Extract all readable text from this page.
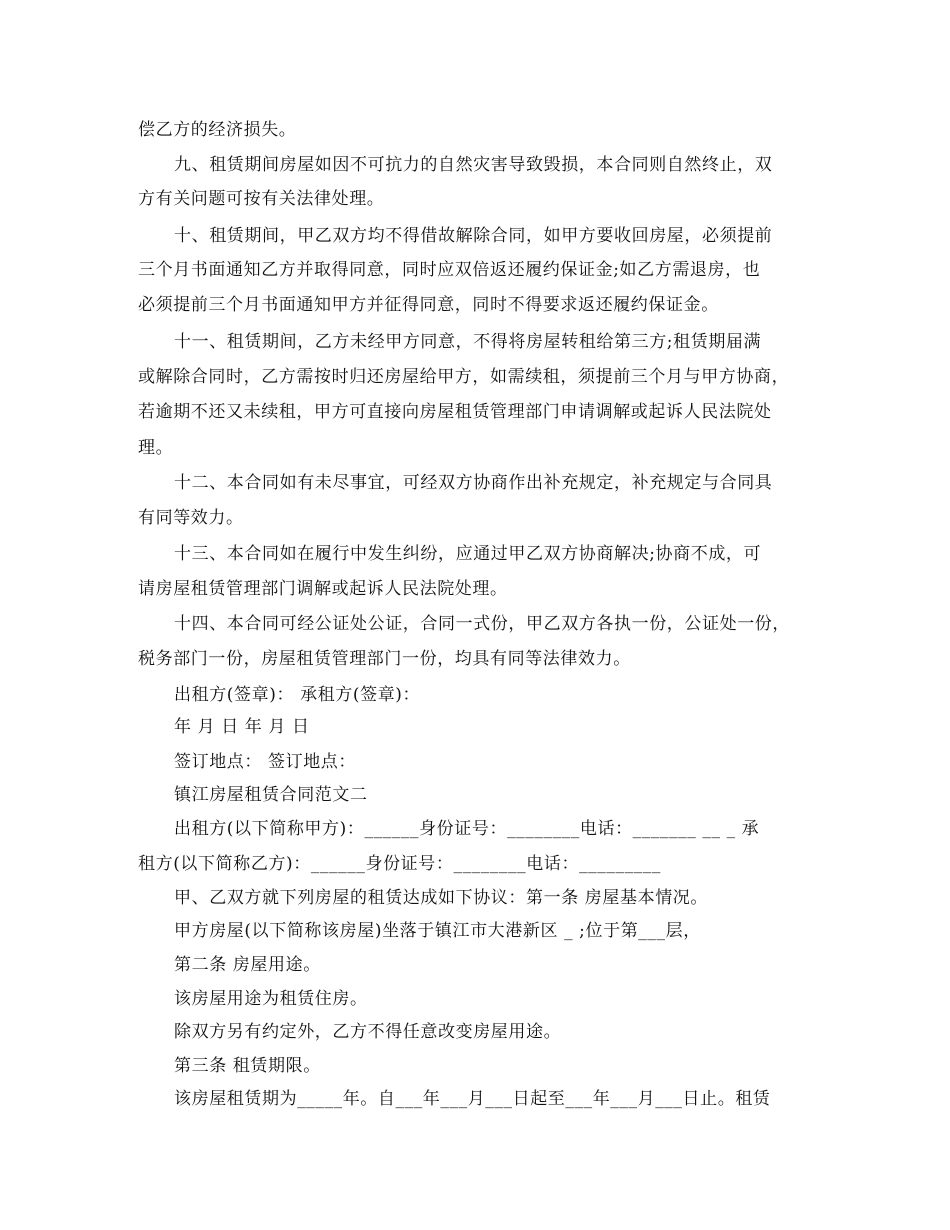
偿乙方的经济损失。
九、租赁期间房屋如因不可抗力的自然灾害导致毁损，本合同则自然终止，双
方有关问题可按有关法律处理。
十、租赁期间，甲乙双方均不得借故解除合同，如甲方要收回房屋，必须提前
三个月书面通知乙方并取得同意，同时应双倍返还履约保证金;如乙方需退房，也
必须提前三个月书面通知甲方并征得同意，同时不得要求返还履约保证金。
十一、租赁期间，乙方未经甲方同意，不得将房屋转租给第三方;租赁期届满
或解除合同时，乙方需按时归还房屋给甲方，如需续租，须提前三个月与甲方协商，
若逾期不还又未续租，甲方可直接向房屋租赁管理部门申请调解或起诉人民法院处
理。
十二、本合同如有未尽事宜，可经双方协商作出补充规定，补充规定与合同具
有同等效力。
十三、本合同如在履行中发生纠纷，应通过甲乙双方协商解决;协商不成，可
请房屋租赁管理部门调解或起诉人民法院处理。
十四、本合同可经公证处公证，合同一式份，甲乙双方各执一份，公证处一份，
税务部门一份，房屋租赁管理部门一份，均具有同等法律效力。
出租方(签章)： 承租方(签章)：
年 月 日 年 月 日
签订地点： 签订地点：
镇江房屋租赁合同范文二
出租方(以下简称甲方)：______身份证号：________电话：_______ __ _ 承
租方(以下简称乙方)：______身份证号：________电话：_________
甲、乙双方就下列房屋的租赁达成如下协议：第一条 房屋基本情况。
甲方房屋(以下简称该房屋)坐落于镇江市大港新区 _ ;位于第___层，
第二条 房屋用途。
该房屋用途为租赁住房。
除双方另有约定外，乙方不得任意改变房屋用途。
第三条 租赁期限。
该房屋租赁期为_____年。自___年___月___日起至___年___月___日止。租赁
